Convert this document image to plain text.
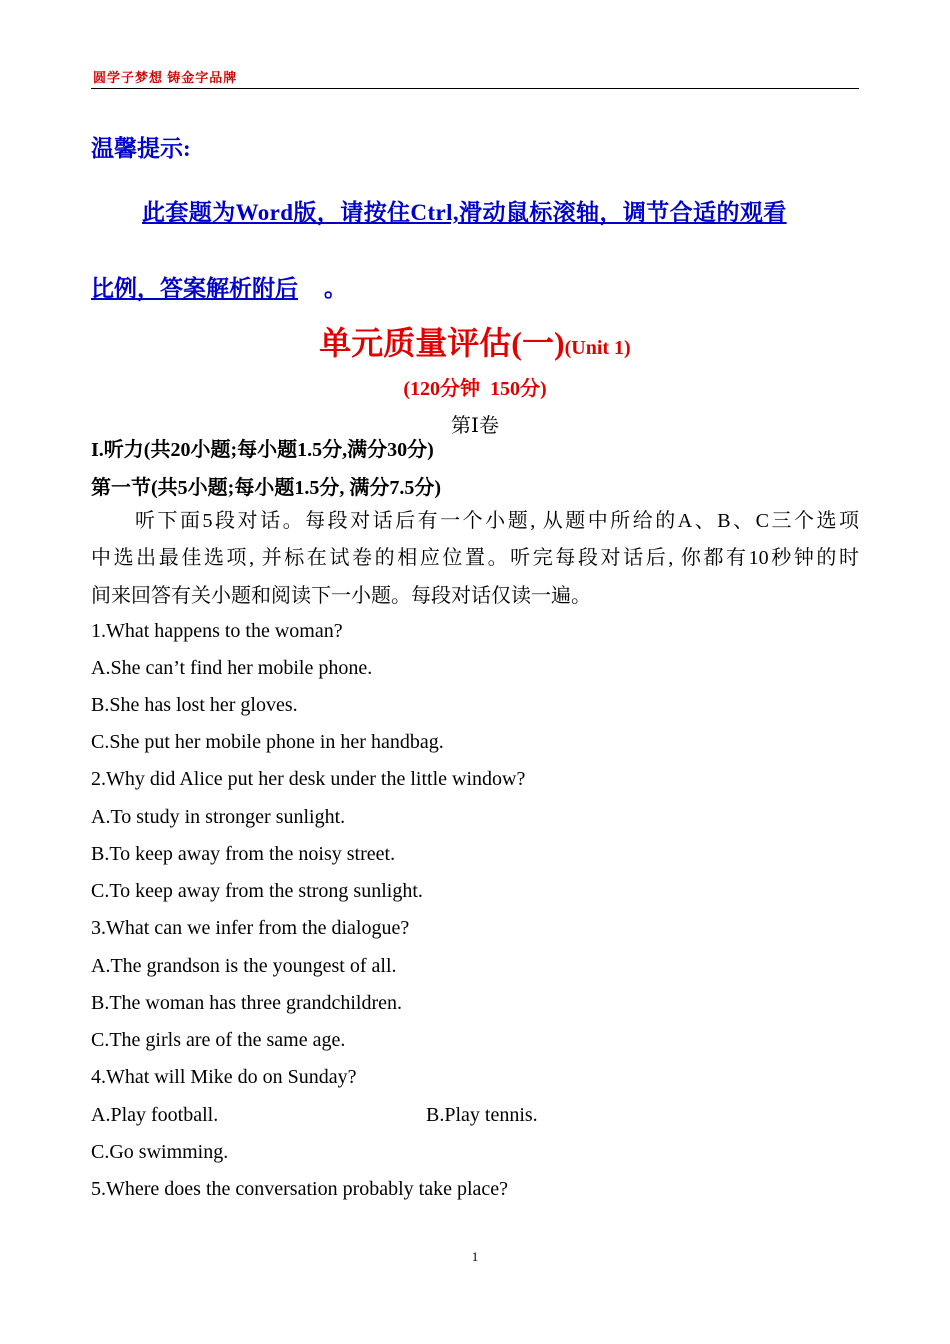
圆学子梦想 铸金字品牌
温馨提示:
此套题为Word版，请按住Ctrl,滑动鼠标滚轴，调节合适的观看
比例，答案解析附后 。
单元质量评估(一)(Unit 1)
(120分钟  150分)
第Ⅰ卷
I.听力(共20小题;每小题1.5分,满分30分)
第一节(共5小题;每小题1.5分, 满分7.5分)
听下面5段对话。每段对话后有一个小题, 从题中所给的A、B、C三个选项
中选出最佳选项, 并标在试卷的相应位置。听完每段对话后, 你都有10秒钟的时
间来回答有关小题和阅读下一小题。每段对话仅读一遍。
1.What happens to the woman?
A.She can’t find her mobile phone.
B.She has lost her gloves.
C.She put her mobile phone in her handbag.
2.Why did Alice put her desk under the little window?
A.To study in stronger sunlight.
B.To keep away from the noisy street.
C.To keep away from the strong sunlight.
3.What can we infer from the dialogue?
A.The grandson is the youngest of all.
B.The woman has three grandchildren.
C.The girls are of the same age.
4.What will Mike do on Sunday?
A.Play football.	B.Play tennis.
C.Go swimming.
5.Where does the conversation probably take place?
1
